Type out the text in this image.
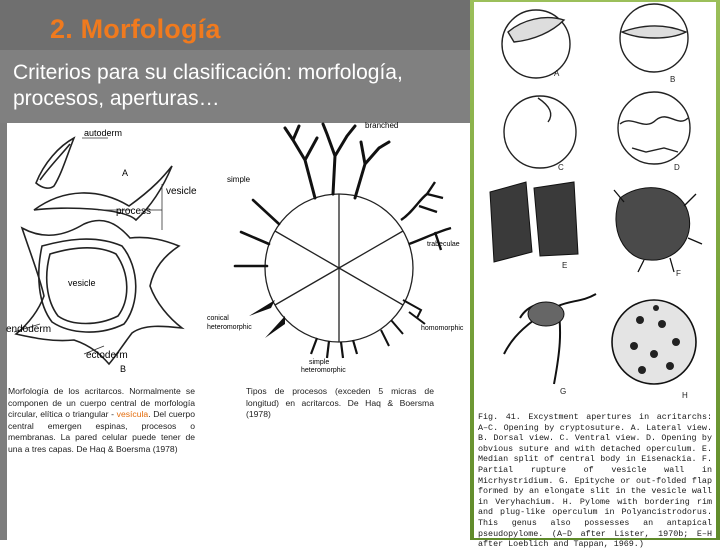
2. Morfología
Criterios para su clasificación: morfología, procesos, aperturas…
autoderm
A
vesicle
process
vesicle
endoderm
ectoderm
B

Morfología de los acritarcos. Normalmente se componen de un cuerpo central de morfología circular, elítica o triangular - vesícula. Del cuerpo central emergen espinas, procesos o membranas. La pared celular puede tener de una a tres capas. De Haq & Boersma (1978)

branched
simple
trabeculae
conical heteromorphic	homomorphic
simple heteromorphic

Tipos de procesos (exceden 5 micras de longitud) en acritarcos. De Haq & Boersma (1978)

A
B
C	D
E
F
G	H

Fig. 41. Excystment apertures in acritarchs: A–C. Opening by cryptosuture. A. Lateral view. B. Dorsal view. C. Ventral view. D. Opening by obvious suture and with detached operculum. E. Median split of central body in Eisenackia. F. Partial rupture of vesicle wall in Micrhystridium. G. Epityche or out-folded flap formed by an elongate slit in the vesicle wall in Veryhachium. H. Pylome with bordering rim and plug-like operculum in Polyancistrodorus. This genus also possesses an antapical pseudopylome. (A–D after Lister, 1970b; E–H after Loeblich and Tappan, 1969.)
